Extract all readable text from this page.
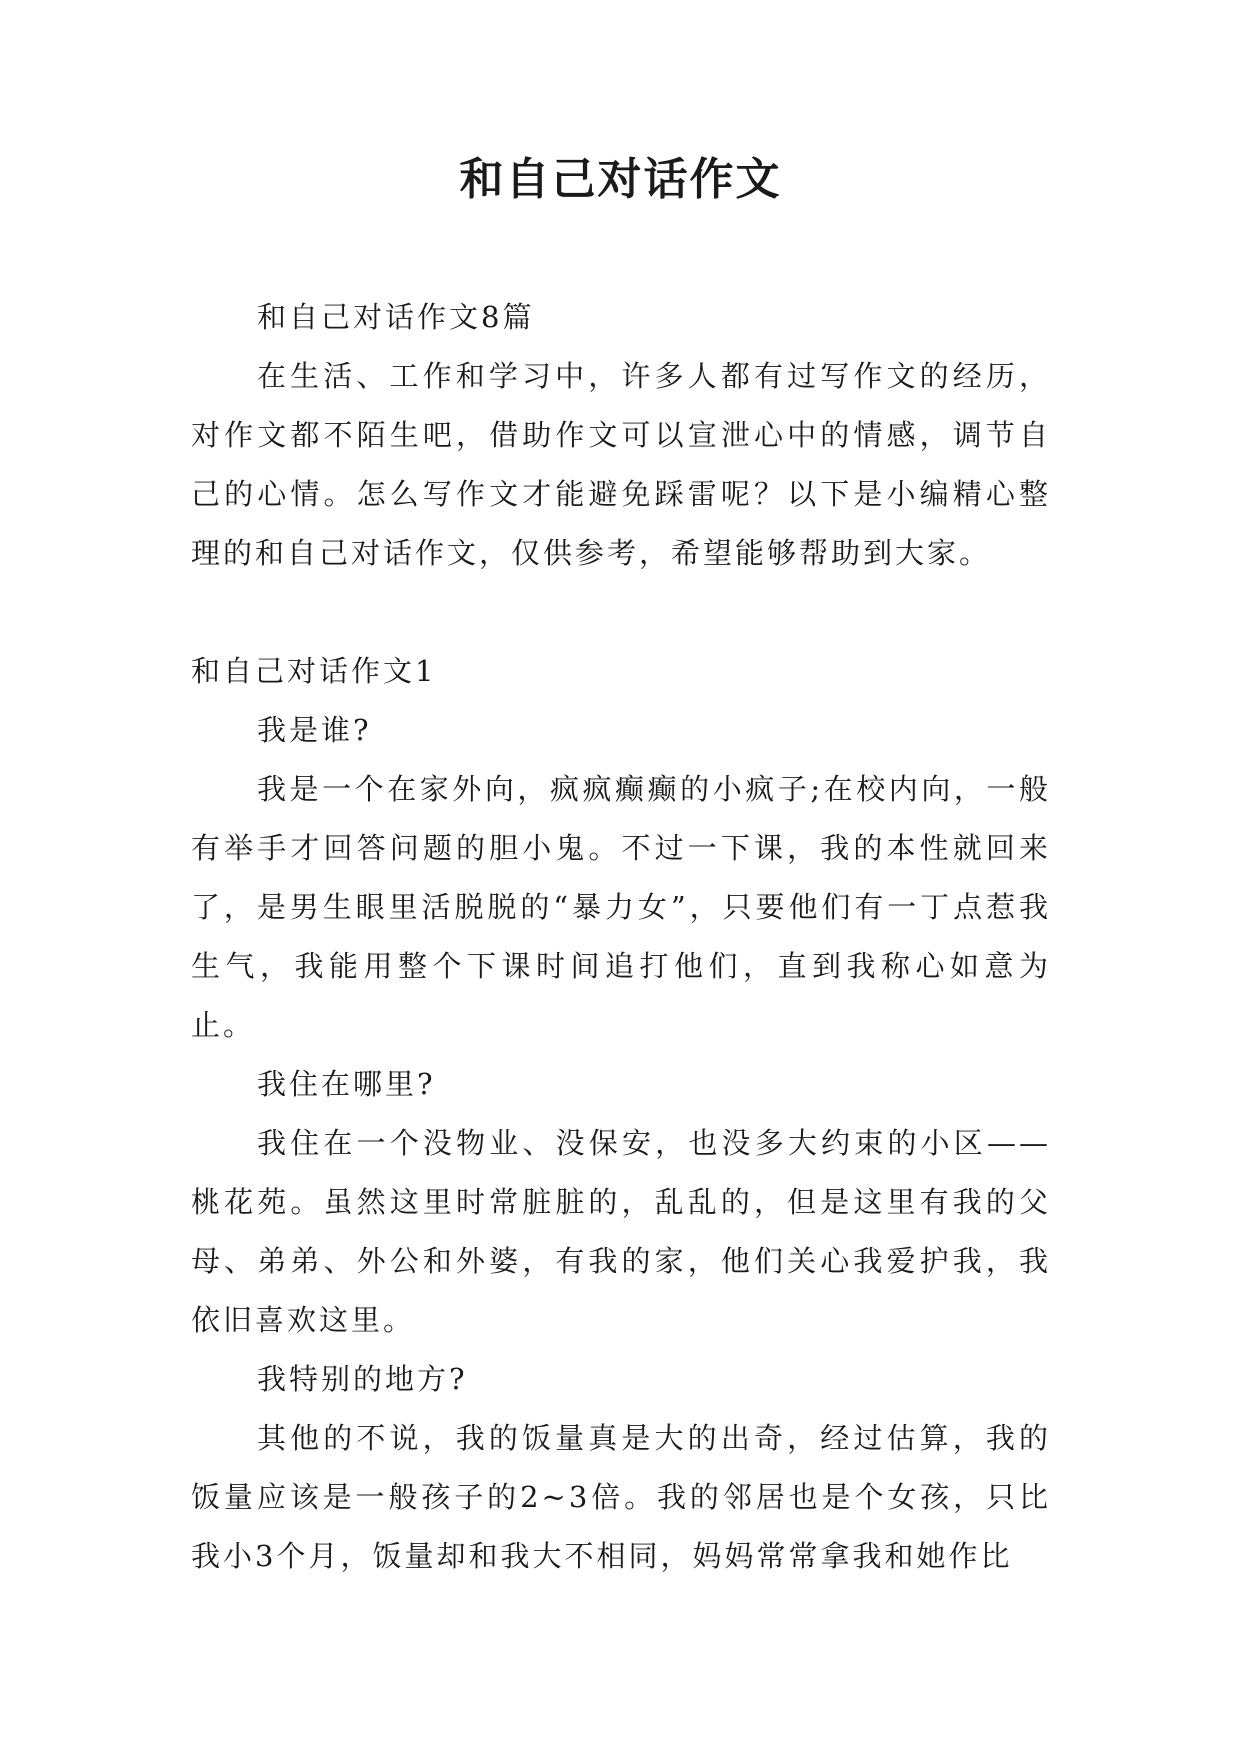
和自己对话作文

和自己对话作文8篇

在生活、工作和学习中，许多人都有过写作文的经历，对作文都不陌生吧，借助作文可以宣泄心中的情感，调节自己的心情。怎么写作文才能避免踩雷呢？以下是小编精心整理的和自己对话作文，仅供参考，希望能够帮助到大家。

和自己对话作文1

我是谁?

我是一个在家外向，疯疯癫癫的小疯子;在校内向，一般有举手才回答问题的胆小鬼。不过一下课，我的本性就回来了，是男生眼里活脱脱的“暴力女”，只要他们有一丁点惹我生气，我能用整个下课时间追打他们，直到我称心如意为止。

我住在哪里?

我住在一个没物业、没保安，也没多大约束的小区——桃花苑。虽然这里时常脏脏的，乱乱的，但是这里有我的父母、弟弟、外公和外婆，有我的家，他们关心我爱护我，我依旧喜欢这里。

我特别的地方?

其他的不说，我的饭量真是大的出奇，经过估算，我的饭量应该是一般孩子的2~3倍。我的邻居也是个女孩，只比我小3个月，饭量却和我大不相同，妈妈常常拿我和她作比
